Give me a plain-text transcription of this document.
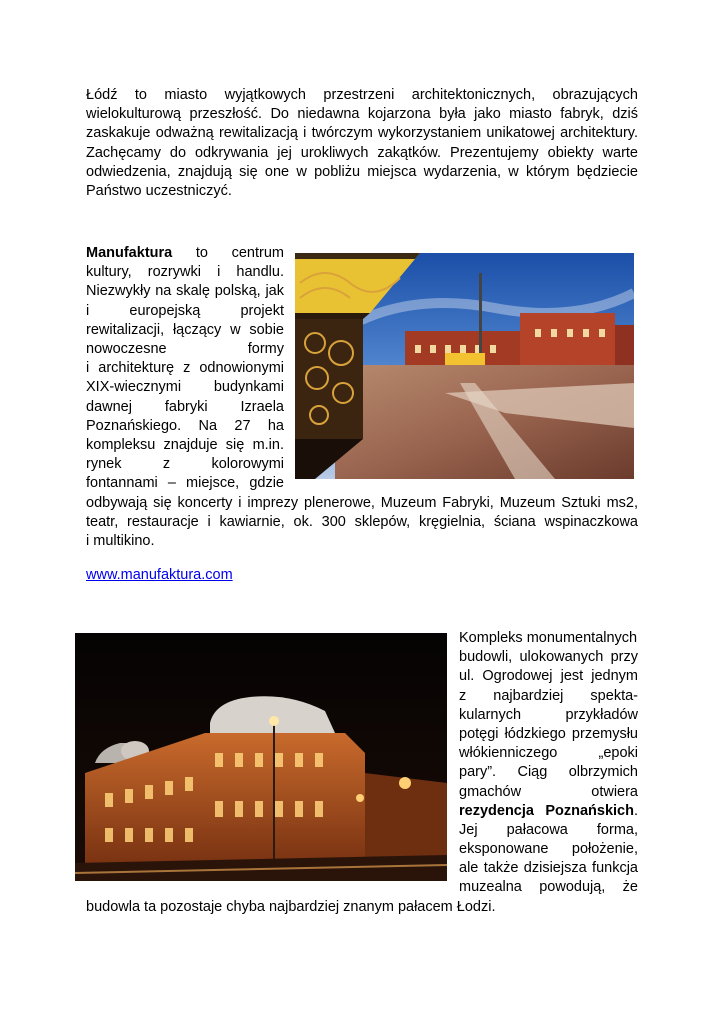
Łódź to miasto wyjątkowych przestrzeni architektonicznych, obrazujących
wielokulturową przeszłość. Do niedawna kojarzona była jako miasto fabryk, dziś
zaskakuje odważną rewitalizacją i twórczym wykorzystaniem unikatowej architektury.
Zachęcamy do odkrywania jej urokliwych zakątków. Prezentujemy obiekty warte
odwiedzenia, znajdują się one w pobliżu miejsca wydarzenia, w którym będziecie
Państwo uczestniczyć.
Manufaktura to centrum
kultury, rozrywki i handlu.
Niezwykły na skalę polską, jak
i europejską projekt
rewitalizacji, łączący w sobie
nowoczesne formy
i architekturę z odnowionymi
XIX-wiecznymi budynkami
dawnej fabryki Izraela
Poznańskiego. Na 27 ha
kompleksu znajduje się m.in.
rynek z kolorowymi
fontannami – miejsce, gdzie
odbywają się koncerty i imprezy plenerowe, Muzeum Fabryki, Muzeum Sztuki ms2,
teatr, restauracje i kawiarnie, ok. 300 sklepów, kręgielnia, ściana wspinaczkowa
i multikino.
www.manufaktura.com
Kompleks monumentalnych
budowli, ulokowanych przy
ul. Ogrodowej jest jednym
z najbardziej spekta-
kularnych przykładów
potęgi łódzkiego przemysłu
włókienniczego „epoki
pary”. Ciąg olbrzymich
gmachów otwiera
rezydencja Poznańskich.
Jej pałacowa forma,
eksponowane położenie,
ale także dzisiejsza funkcja
muzealna powodują, że
budowla ta pozostaje chyba najbardziej znanym pałacem Łodzi.
